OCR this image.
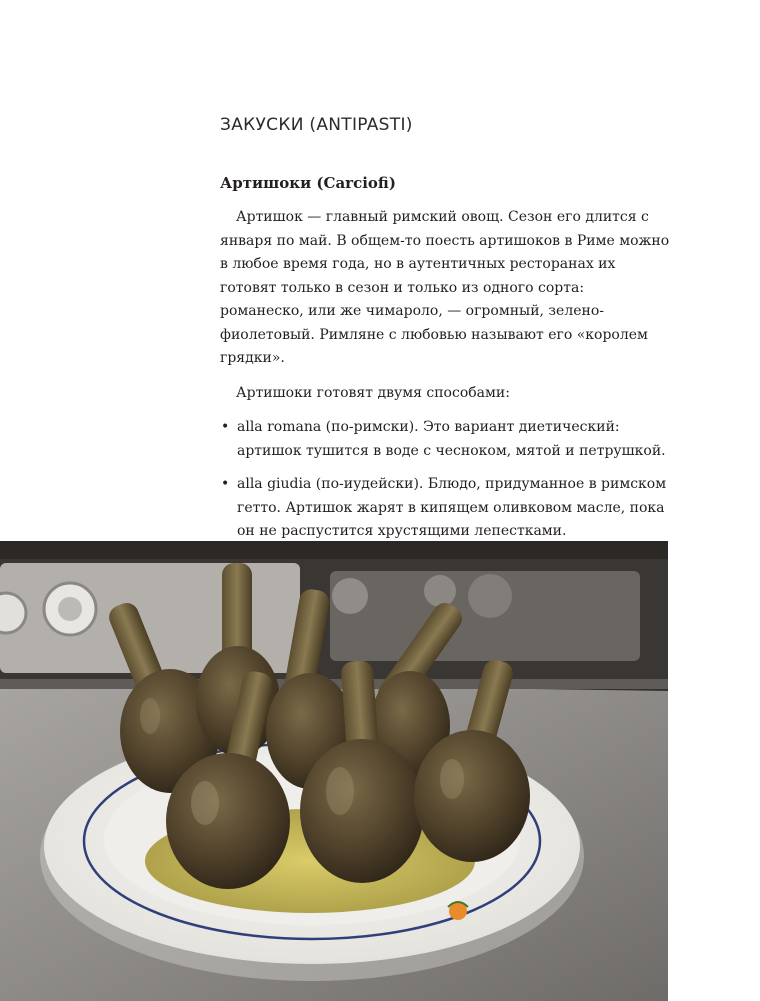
ЗАКУСКИ (ANTIPASTI)
Артишоки (Carciofi)

Артишок — главный римский овощ. Сезон его длится с января по май. В общем-то поесть артишоков в Риме можно в любое время года, но в аутентичных ресторанах их готовят только в сезон и только из одного сорта: романеско, или же чимароло, — огромный, зелено-фиолетовый. Римляне с любовью называют его «королем грядки».

Артишоки готовят двумя способами:

• alla romana (по-римски). Это вариант диетический: артишок тушится в воде с чесноком, мятой и петрушкой.
• alla giudia (по-иудейски). Блюдо, придуманное в римском гетто. Артишок жарят в кипящем оливковом масле, пока он не распустится хрустящими лепестками.
